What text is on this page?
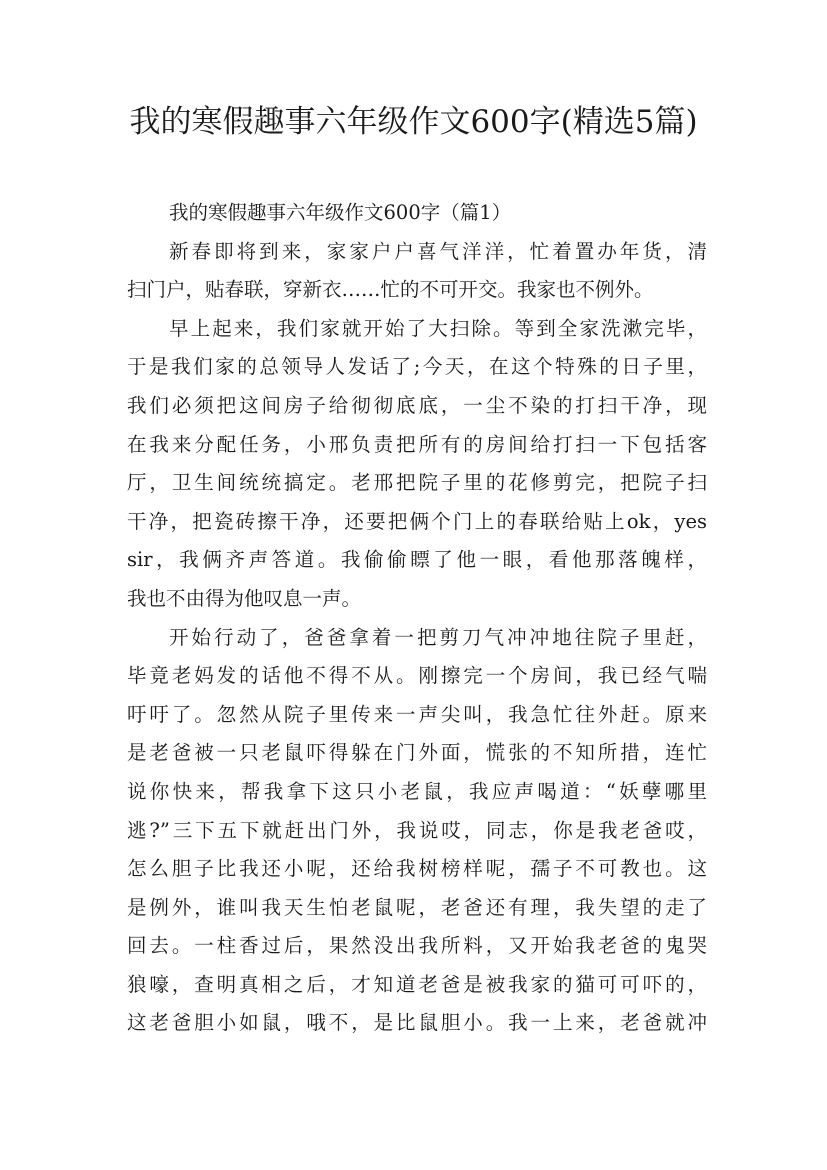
我的寒假趣事六年级作文600字(精选5篇)

我的寒假趣事六年级作文600字（篇1）

新春即将到来，家家户户喜气洋洋，忙着置办年货，清
扫门户，贴春联，穿新衣……忙的不可开交。我家也不例外。
早上起来，我们家就开始了大扫除。等到全家洗漱完毕，
于是我们家的总领导人发话了;今天，在这个特殊的日子里，
我们必须把这间房子给彻彻底底，一尘不染的打扫干净，现
在我来分配任务，小邢负责把所有的房间给打扫一下包括客
厅，卫生间统统搞定。老邢把院子里的花修剪完，把院子扫
干净，把瓷砖擦干净，还要把俩个门上的春联给贴上ok，yes
sir，我俩齐声答道。我偷偷瞟了他一眼，看他那落魄样，
我也不由得为他叹息一声。
开始行动了，爸爸拿着一把剪刀气冲冲地往院子里赶，
毕竟老妈发的话他不得不从。刚擦完一个房间，我已经气喘
吁吁了。忽然从院子里传来一声尖叫，我急忙往外赶。原来
是老爸被一只老鼠吓得躲在门外面，慌张的不知所措，连忙
说你快来，帮我拿下这只小老鼠，我应声喝道：“妖孽哪里
逃?”三下五下就赶出门外，我说哎，同志，你是我老爸哎，
怎么胆子比我还小呢，还给我树榜样呢，孺子不可教也。这
是例外，谁叫我天生怕老鼠呢，老爸还有理，我失望的走了
回去。一柱香过后，果然没出我所料，又开始我老爸的鬼哭
狼嚎，查明真相之后，才知道老爸是被我家的猫可可吓的，
这老爸胆小如鼠，哦不，是比鼠胆小。我一上来，老爸就冲
